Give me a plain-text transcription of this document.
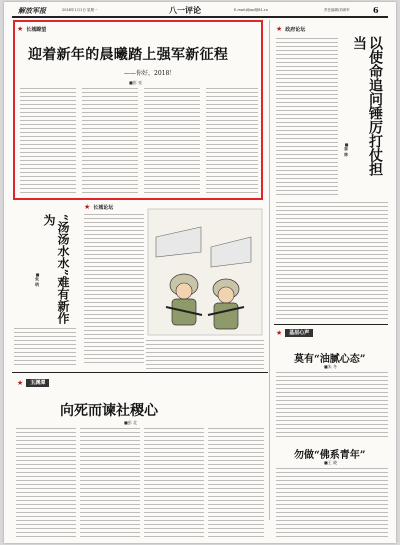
解放军报	2018年1月1日 星期一	八一评论	E-mail:jfjbpl@81.cn	责任编辑/刘承军	6
★ 长城瞭望
迎着新年的晨曦踏上强军新征程
——你好，2018！
■彭 亮
★ 政府论坛
以使命追问锤厉打仗担当
■李 林
“汤汤水水”难有新作为
■朱 明
★ 长城论坛
★	基层心声
莫有“油腻心态”
■朱 冬
勿做“佛系青年”
■王 晓
★	玉渊潭
向死而谏社稷心
■彭 北
